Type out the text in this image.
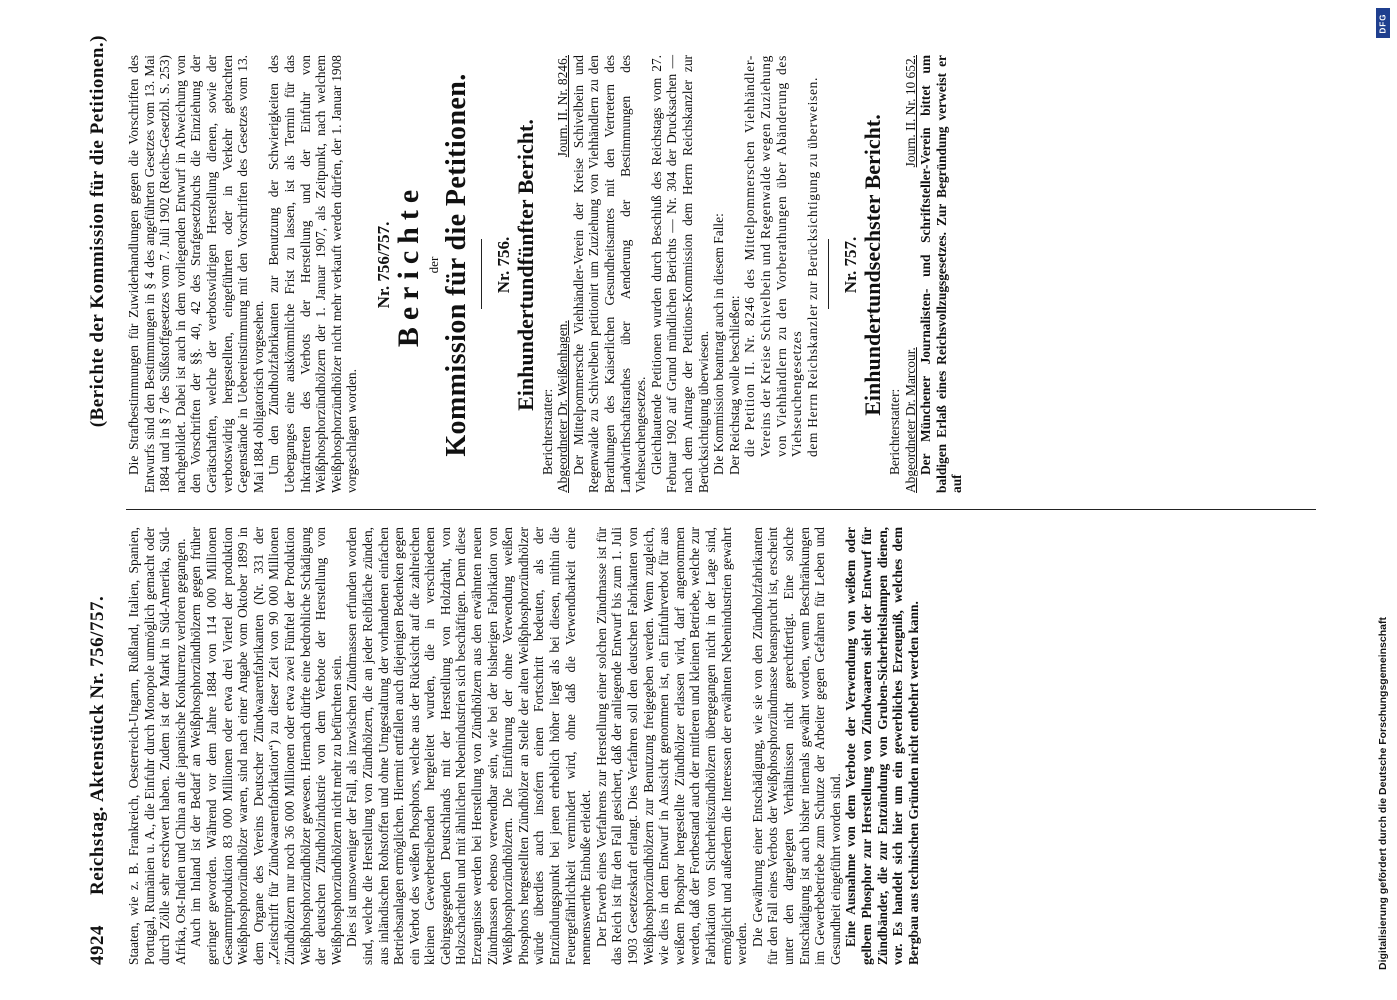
4924
Reichstag. Aktenstück Nr. 756/757.
(Berichte der Kommission für die Petitionen.)

Staaten, wie z. B. Frankreich, Oesterreich-Ungarn, Rußland, Italien, Spanien, Portugal, Rumänien u. A., die Einfuhr durch Monopole unmöglich gemacht oder durch Zölle sehr erschwert haben. Zudem ist der Markt in Süd-Amerika, Süd-Afrika, Ost-Indien und China an die japanische Konkurrenz verloren gegangen. Auch im Inland ist der Bedarf an Weißphosphorzündhölzern gegen früher geringer geworden. Während vor dem Jahre 1884 von 114 000 Millionen Gesammtproduktion 83 000 Millionen oder etwa drei Viertel der produktion Weißphosphorzündhölzer waren, sind nach einer Angabe vom Oktober 1899 in dem Organe des Vereins Deutscher Zündwaarenfabrikanten (Nr. 331 der „Zeitschrift für Zündwaarenfabrikation“) zu dieser Zeit von 90 000 Millionen Zündhölzern nur noch 36 000 Millionen oder etwa zwei Fünftel der Produktion Weißphosphorzündhölzer gewesen. Hiernach dürfte eine bedrohliche Schädigung der deutschen Zündholzindustrie von dem Verbote der Herstellung von Weißphosphorzündhölzern nicht mehr zu befürchten sein. Dies ist umsoweniger der Fall, als inzwischen Zündmassen erfunden worden sind, welche die Herstellung von Zündhölzern, die an jeder Reibfläche zünden, aus inländischen Rohstoffen und ohne Umgestaltung der vorhandenen einfachen Betriebsanlagen ermöglichen. Hiermit entfallen auch diejenigen Bedenken gegen ein Verbot des weißen Phosphors, welche aus der Rücksicht auf die zahlreichen kleinen Gewerbetreibenden hergeleitet wurden, die in verschiedenen Gebirgsgegenden Deutschlands mit der Herstellung von Holzdraht, von Holzschachteln und mit ähnlichen Nebenindustrien sich beschäftigen. Denn diese Erzeugnisse werden bei Herstellung von Zündhölzern aus den erwähnten neuen Zündmassen ebenso verwendbar sein, wie bei der bisherigen Fabrikation von Weißphosphorzündhölzern. Die Einführung der ohne Verwendung weißen Phosphors hergestellten Zündhölzer an Stelle der alten Weißphosphorzündhölzer würde überdies auch insofern einen Fortschritt bedeuten, als der Entzündungspunkt bei jenen erheblich höher liegt als bei diesen, mithin die Feuergefährlichkeit vermindert wird, ohne daß die Verwendbarkeit eine nennenswerthe Einbuße erleidet. Der Erwerb eines Verfahrens zur Herstellung einer solchen Zündmasse ist für das Reich ist für den Fall gesichert, daß der anliegende Entwurf bis zum 1. Juli 1903 Gesetzeskraft erlangt. Dies Verfahren soll den deutschen Fabrikanten von Weißphosphorzündhölzern zur Benutzung freigegeben werden. Wenn zugleich, wie dies in dem Entwurf in Aussicht genommen ist, ein Einfuhrverbot für aus weißem Phosphor hergestellte Zündhölzer erlassen wird, darf angenommen werden, daß der Fortbestand auch der mittleren und kleinen Betriebe, welche zur Fabrikation von Sicherheitszündhölzern übergegangen nicht in der Lage sind, ermöglicht und außerdem die Interessen der erwähnten Nebenindustrien gewahrt werden. Die Gewährung einer Entschädigung, wie sie von den Zündholzfabrikanten für den Fall eines Verbots der Weißphosphorzündmasse beansprucht ist, erscheint unter den dargelegten Verhältnissen nicht gerechtfertigt. Eine solche Entschädigung ist auch bisher niemals gewährt worden, wenn Beschränkungen im Gewerbebetriebe zum Schutze der Arbeiter gegen Gefahren für Leben und Gesundheit eingeführt worden sind. Eine Ausnahme von dem Verbote der Verwendung von weißem oder gelbem Phosphor zur Herstellung von Zündwaaren sieht der Entwurf für Zündbänder, die zur Entzündung von Gruben-Sicherheitslampen dienen, vor. Es handelt sich hier um ein gewerbliches Erzeugniß, welches dem Bergbau aus technischen Gründen nicht entbehrt werden kann.

Die Strafbestimmungen für Zuwiderhandlungen gegen die Vorschriften des Entwurfs sind den Bestimmungen in § 4 des angeführten Gesetzes vom 13. Mai 1884 und in § 7 des Süßstoffgesetzes vom 7. Juli 1902 (Reichs-Gesetzbl. S. 253) nachgebildet. Dabei ist auch in dem vorliegenden Entwurf in Abweichung von den Vorschriften der §§. 40, 42 des Strafgesetzbuchs die Einziehung der Gerätschaften, welche der verbotswidrigen Herstellung dienen, sowie der verbotswidrig hergestellten, eingeführten oder in Verkehr gebrachten Gegenstände in Uebereinstimmung mit den Vorschriften des Gesetzes vom 13. Mai 1884 obligatorisch vorgesehen. Um den Zündholzfabrikanten zur Benutzung der Schwierigkeiten des Ueberganges eine auskömmliche Frist zu lassen, ist als Termin für das Inkrafttreten des Verbots der Herstellung und der Einfuhr von Weißphosphorzündhölzern der 1. Januar 1907, als Zeitpunkt, nach welchem Weißphosphorzündhölzer nicht mehr verkauft werden dürfen, der 1. Januar 1908 vorgeschlagen worden.

Nr. 756/757.

Berichte der Kommission für die Petitionen. Nr. 756. Einhundertundfünfter Bericht.

Berichterstatter: Abgeordneter Dr. Weißenhagen.
Journ. II. Nr. 8246. Der Mittelpommersche Viehhändler-Verein der Kreise Schivelbein und Regenwalde zu Schivelbein petitionirt um Zuziehung von Viehhändlern zu den Berathungen des Kaiserlichen Gesundheitsamtes mit den Vertretern des Landwirthschaftsrathes über Aenderung der Bestimmungen des Viehseuchengesetzes. Gleichlautende Petitionen wurden durch Beschluß des Reichstags vom 27. Februar 1902 auf Grund mündlichen Berichts — Nr. 304 der Drucksachen — nach dem Antrage der Petitions-Kommission dem Herrn Reichskanzler zur Berücksichtigung überwiesen. Die Kommission beantragt auch in diesem Falle: Der Reichstag wolle beschließen: die Petition II. Nr. 8246 des Mittelpommerschen Viehhändler-Vereins der Kreise Schivelbein und Regenwalde wegen Zuziehung von Viehhändlern zu den Vorberathungen über Abänderung des Viehseuchengesetzes dem Herrn Reichskanzler zur Berücksichtigung zu überweisen. Nr. 757. Einhundertundsechster Bericht.

Berichterstatter: Abgeordneter Dr. Marcour.
Journ. II. Nr. 10 652. Der Münchener Journalisten- und Schriftsteller-Verein bittet um baldigen Erlaß eines Reichsvollzugsgesetzes. Zur Begründung verweist er auf

DFG
Digitalisierung gefördert durch die Deutsche Forschungsgemeinschaft
